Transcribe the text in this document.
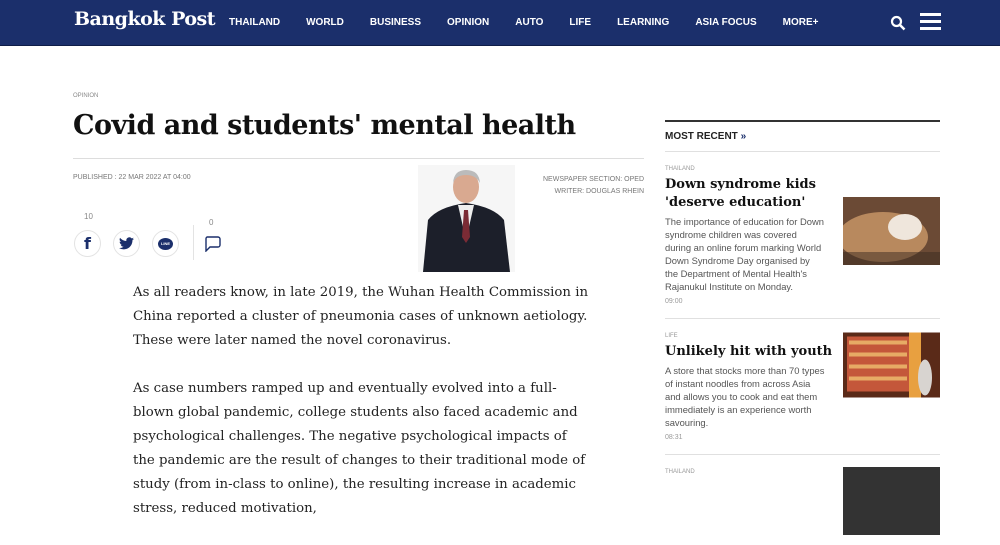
Bangkok Post THAILAND	WORLD	BUSINESS	OPINION	AUTO	LIFE	LEARNING	ASIA FOCUS	MORE+
OPINION
Covid and students' mental health
PUBLISHED : 22 MAR 2022 AT 04:00	NEWSPAPER SECTION: OPED
WRITER: DOUGLAS RHEIN
10
0
f	LINE

As all readers know, in late 2019, the Wuhan Health Commission in China reported a cluster of pneumonia cases of unknown aetiology. These were later named the novel coronavirus.

As case numbers ramped up and eventually evolved into a full-blown global pandemic, college students also faced academic and psychological challenges. The negative psychological impacts of the pandemic are the result of changes to their traditional mode of study (from in-class to online), the resulting increase in academic stress, reduced motivation,

MOST RECENT »
THAILAND
Down syndrome kids 'deserve education'
The importance of education for Down syndrome children was covered during an online forum marking World Down Syndrome Day organised by the Department of Mental Health's Rajanukul Institute on Monday.
09:00
LIFE
Unlikely hit with youth
A store that stocks more than 70 types of instant noodles from across Asia and allows you to cook and eat them immediately is an experience worth savouring.
08:31
THAILAND
